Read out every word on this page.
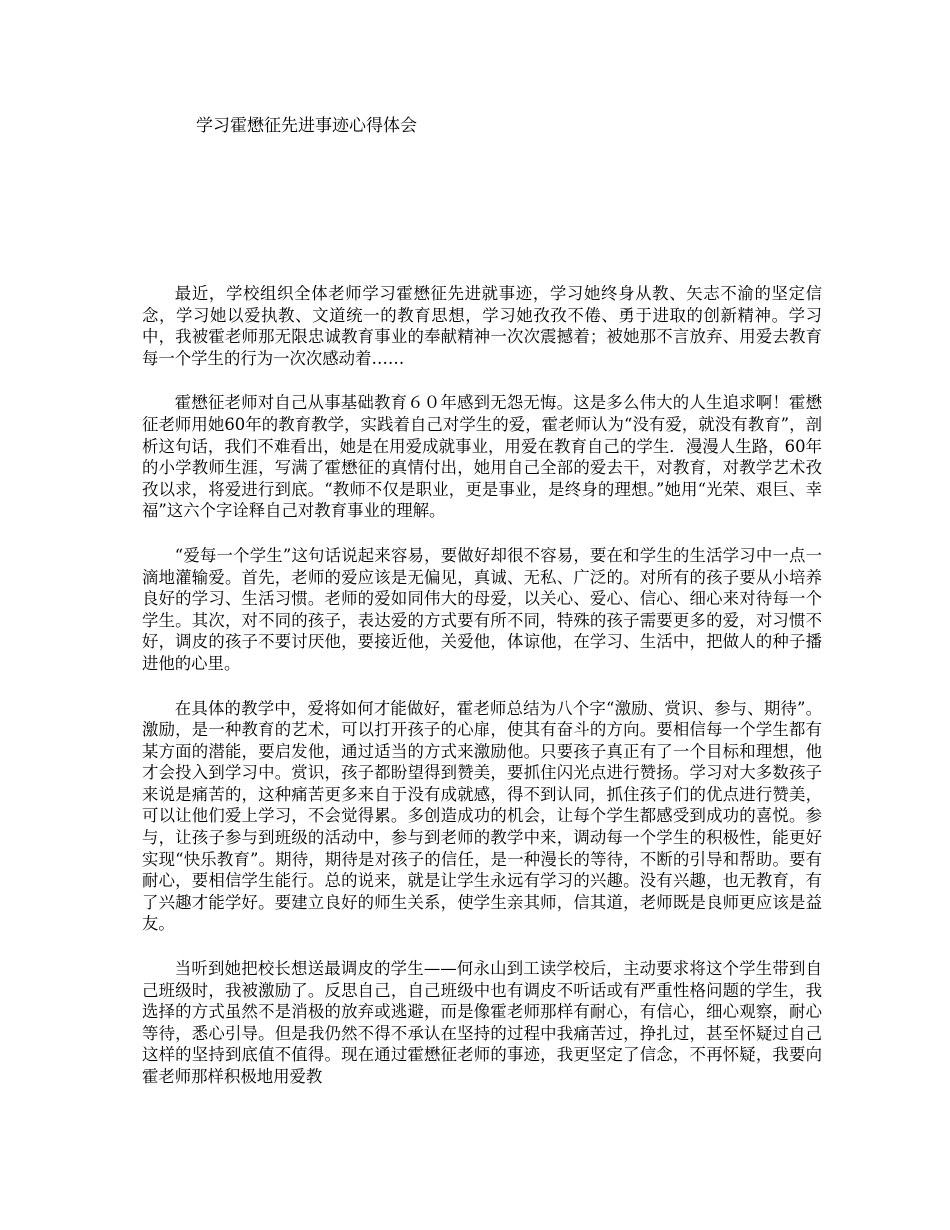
学习霍懋征先进事迹心得体会

最近，学校组织全体老师学习霍懋征先进就事迹，学习她终身从教、矢志不渝的坚定信念，学习她以爱执教、文道统一的教育思想，学习她孜孜不倦、勇于进取的创新精神。学习中，我被霍老师那无限忠诚教育事业的奉献精神一次次震撼着；被她那不言放弃、用爱去教育每一个学生的行为一次次感动着……

霍懋征老师对自己从事基础教育６０年感到无怨无悔。这是多么伟大的人生追求啊！霍懋征老师用她60年的教育教学，实践着自己对学生的爱，霍老师认为“没有爱，就没有教育”，剖析这句话，我们不难看出，她是在用爱成就事业，用爱在教育自己的学生．漫漫人生路，60年的小学教师生涯，写满了霍懋征的真情付出，她用自己全部的爱去干，对教育，对教学艺术孜孜以求，将爱进行到底。“教师不仅是职业，更是事业，是终身的理想。”她用“光荣、艰巨、幸福”这六个字诠释自己对教育事业的理解。

“爱每一个学生”这句话说起来容易，要做好却很不容易，要在和学生的生活学习中一点一滴地灌输爱。首先，老师的爱应该是无偏见，真诚、无私、广泛的。对所有的孩子要从小培养良好的学习、生活习惯。老师的爱如同伟大的母爱，以关心、爱心、信心、细心来对待每一个学生。其次，对不同的孩子，表达爱的方式要有所不同，特殊的孩子需要更多的爱，对习惯不好，调皮的孩子不要讨厌他，要接近他，关爱他，体谅他，在学习、生活中，把做人的种子播进他的心里。

在具体的教学中，爱将如何才能做好，霍老师总结为八个字“激励、赏识、参与、期待”。激励，是一种教育的艺术，可以打开孩子的心扉，使其有奋斗的方向。要相信每一个学生都有某方面的潜能，要启发他，通过适当的方式来激励他。只要孩子真正有了一个目标和理想，他才会投入到学习中。赏识，孩子都盼望得到赞美，要抓住闪光点进行赞扬。学习对大多数孩子来说是痛苦的，这种痛苦更多来自于没有成就感，得不到认同，抓住孩子们的优点进行赞美，可以让他们爱上学习，不会觉得累。多创造成功的机会，让每个学生都感受到成功的喜悦。参与，让孩子参与到班级的活动中，参与到老师的教学中来，调动每一个学生的积极性，能更好实现“快乐教育”。期待，期待是对孩子的信任，是一种漫长的等待，不断的引导和帮助。要有耐心，要相信学生能行。总的说来，就是让学生永远有学习的兴趣。没有兴趣，也无教育，有了兴趣才能学好。要建立良好的师生关系，使学生亲其师，信其道，老师既是良师更应该是益友。

当听到她把校长想送最调皮的学生——何永山到工读学校后，主动要求将这个学生带到自己班级时，我被激励了。反思自己，自己班级中也有调皮不听话或有严重性格问题的学生，我选择的方式虽然不是消极的放弃或逃避，而是像霍老师那样有耐心，有信心，细心观察，耐心等待，悉心引导。但是我仍然不得不承认在坚持的过程中我痛苦过，挣扎过，甚至怀疑过自己这样的坚持到底值不值得。现在通过霍懋征老师的事迹，我更坚定了信念，不再怀疑，我要向霍老师那样积极地用爱教
